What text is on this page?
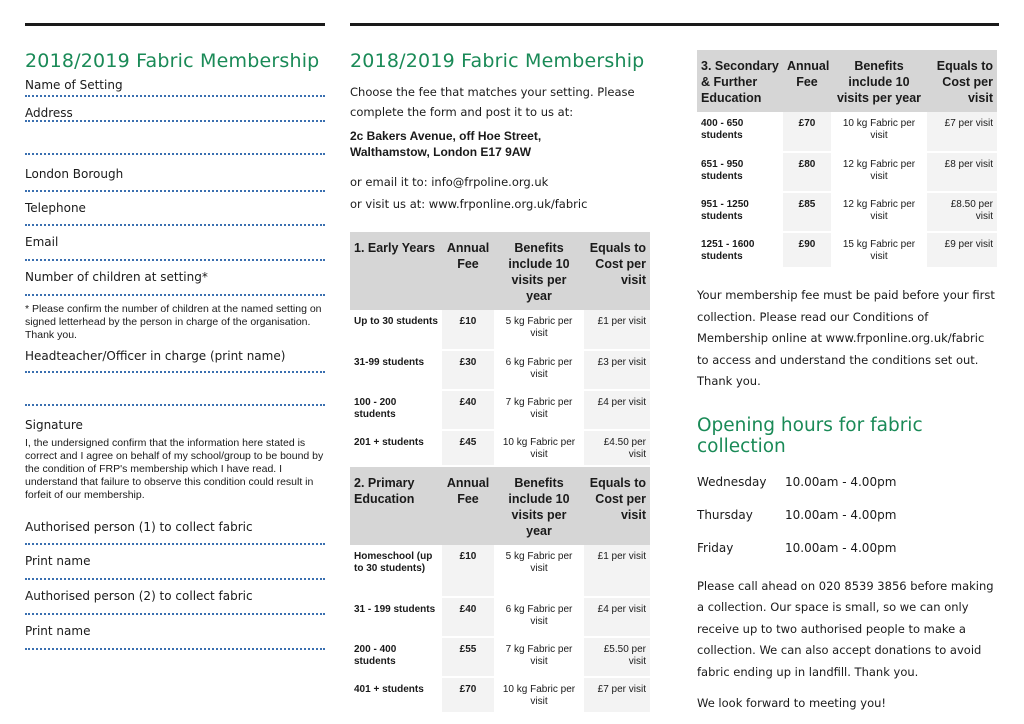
2018/2019 Fabric Membership
Name of Setting
Address
London Borough
Telephone
Email
Number of children at setting*
* Please confirm the number of children at the named setting on signed letterhead by the person in charge of the organisation. Thank you.
Headteacher/Officer in charge (print name)
Signature
I, the undersigned confirm that the information here stated is correct and I agree on behalf of my school/group to be bound by the condition of FRP's membership which I have read. I understand that failure to observe this condition could result in forfeit of our membership.
Authorised person (1) to collect fabric
Print name
Authorised person (2) to collect fabric
Print name
2018/2019 Fabric Membership
Choose the fee that matches your setting. Please complete the form and post it to us at:
2c Bakers Avenue, off Hoe Street,
Walthamstow, London E17 9AW
or email it to: info@frpoline.org.uk
or visit us at: www.frponline.org.uk/fabric
1. Early Years	Annual Fee	Benefits include 10 visits per year	Equals to Cost per visit
Up to 30 students	£10	5 kg Fabric per visit	£1 per visit
31-99 students	£30	6 kg Fabric per visit	£3 per visit
100 - 200 students	£40	7 kg Fabric per visit	£4 per visit
201 + students	£45	10 kg Fabric per visit	£4.50 per visit
2. Primary Education	Annual Fee	Benefits include 10 visits per year	Equals to Cost per visit
Homeschool (up to 30 students)	£10	5 kg Fabric per visit	£1 per visit
31 - 199 students	£40	6 kg Fabric per visit	£4 per visit
200 - 400 students	£55	7 kg Fabric per visit	£5.50 per visit
401 + students	£70	10 kg Fabric per visit	£7 per visit
3. Secondary & Further Education	Annual Fee	Benefits include 10 visits per year	Equals to Cost per visit
400 - 650 students	£70	10 kg Fabric per visit	£7 per visit
651 - 950 students	£80	12 kg Fabric per visit	£8 per visit
951 - 1250 students	£85	12 kg Fabric per visit	£8.50 per visit
1251 - 1600 students	£90	15 kg Fabric per visit	£9 per visit
Your membership fee must be paid before your first collection. Please read our Conditions of Membership online at www.frponline.org.uk/fabric to access and understand the conditions set out. Thank you.
Opening hours for fabric collection
Wednesday 10.00am - 4.00pm
Thursday	10.00am - 4.00pm
Friday	10.00am - 4.00pm
Please call ahead on 020 8539 3856 before making a collection. Our space is small, so we can only receive up to two authorised people to make a collection. We can also accept donations to avoid fabric ending up in landfill. Thank you.
We look forward to meeting you!
